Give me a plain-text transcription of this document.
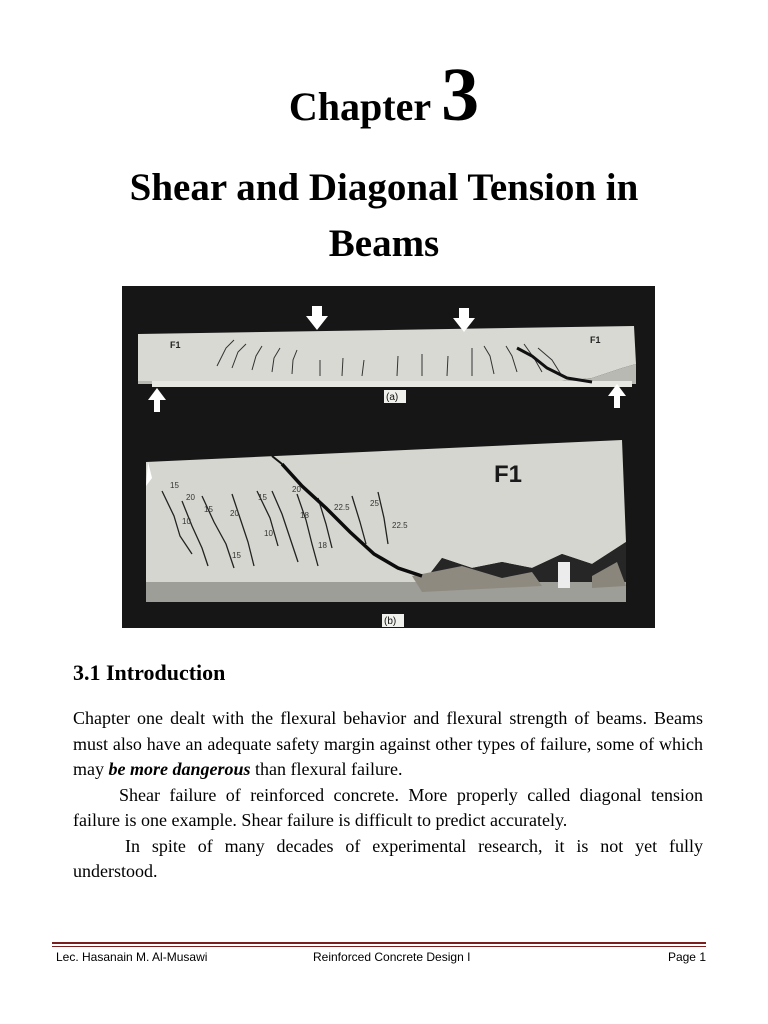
Chapter 3
Shear and Diagonal Tension in
Beams
F1	F1
(a)
15
20
15
10
20
15
20
18
22.5	25
22.5
18
10
15
F1
(b)
3.1 Introduction

Chapter one dealt with the flexural behavior and flexural strength of beams. Beams must also have an adequate safety margin against other types of failure, some of which may be more dangerous than flexural failure.

Shear failure of reinforced concrete. More properly called diagonal tension failure is one example. Shear failure is difficult to predict accurately.

In spite of many decades of experimental research, it is not yet fully understood.

Lec. Hasanain M. Al-Musawi	Reinforced Concrete Design I	Page 1
